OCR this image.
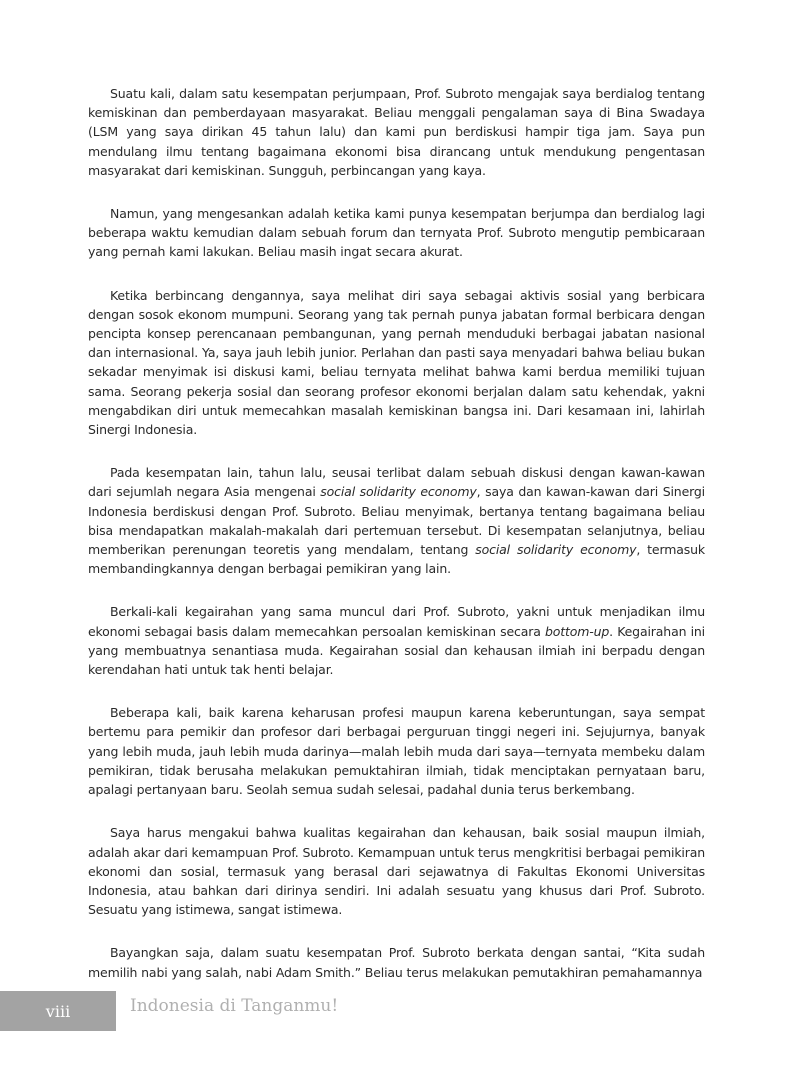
Suatu kali, dalam satu kesempatan perjumpaan, Prof. Subroto mengajak saya berdialog tentang kemiskinan dan pemberdayaan masyarakat. Beliau menggali pengalaman saya di Bina Swadaya (LSM yang saya dirikan 45 tahun lalu) dan kami pun berdiskusi hampir tiga jam. Saya pun mendulang ilmu tentang bagaimana ekonomi bisa dirancang untuk mendukung pengentasan masyarakat dari kemiskinan. Sungguh, perbincangan yang kaya.

Namun, yang mengesankan adalah ketika kami punya kesempatan berjumpa dan berdialog lagi beberapa waktu kemudian dalam sebuah forum dan ternyata Prof. Subroto mengutip pembicaraan yang pernah kami lakukan. Beliau masih ingat secara akurat.

Ketika berbincang dengannya, saya melihat diri saya sebagai aktivis sosial yang berbicara dengan sosok ekonom mumpuni. Seorang yang tak pernah punya jabatan formal berbicara dengan pencipta konsep perencanaan pembangunan, yang pernah menduduki berbagai jabatan nasional dan internasional. Ya, saya jauh lebih junior. Perlahan dan pasti saya menyadari bahwa beliau bukan sekadar menyimak isi diskusi kami, beliau ternyata melihat bahwa kami berdua memiliki tujuan sama. Seorang pekerja sosial dan seorang profesor ekonomi berjalan dalam satu kehendak, yakni mengabdikan diri untuk memecahkan masalah kemiskinan bangsa ini. Dari kesamaan ini, lahirlah Sinergi Indonesia.

Pada kesempatan lain, tahun lalu, seusai terlibat dalam sebuah diskusi dengan kawan-kawan dari sejumlah negara Asia mengenai social solidarity economy, saya dan kawan-kawan dari Sinergi Indonesia berdiskusi dengan Prof. Subroto. Beliau menyimak, bertanya tentang bagaimana beliau bisa mendapatkan makalah-makalah dari pertemuan tersebut. Di kesempatan selanjutnya, beliau memberikan perenungan teoretis yang mendalam, tentang social solidarity economy, termasuk membandingkannya dengan berbagai pemikiran yang lain.

Berkali-kali kegairahan yang sama muncul dari Prof. Subroto, yakni untuk menjadikan ilmu ekonomi sebagai basis dalam memecahkan persoalan kemiskinan secara bottom-up. Kegairahan ini yang membuatnya senantiasa muda. Kegairahan sosial dan kehausan ilmiah ini berpadu dengan kerendahan hati untuk tak henti belajar.

Beberapa kali, baik karena keharusan profesi maupun karena keberuntungan, saya sempat bertemu para pemikir dan profesor dari berbagai perguruan tinggi negeri ini. Sejujurnya, banyak yang lebih muda, jauh lebih muda darinya—malah lebih muda dari saya—ternyata membeku dalam pemikiran, tidak berusaha melakukan pemuktahiran ilmiah, tidak menciptakan pernyataan baru, apalagi pertanyaan baru. Seolah semua sudah selesai, padahal dunia terus berkembang.

Saya harus mengakui bahwa kualitas kegairahan dan kehausan, baik sosial maupun ilmiah, adalah akar dari kemampuan Prof. Subroto. Kemampuan untuk terus mengkritisi berbagai pemikiran ekonomi dan sosial, termasuk yang berasal dari sejawatnya di Fakultas Ekonomi Universitas Indonesia, atau bahkan dari dirinya sendiri. Ini adalah sesuatu yang khusus dari Prof. Subroto. Sesuatu yang istimewa, sangat istimewa.

Bayangkan saja, dalam suatu kesempatan Prof. Subroto berkata dengan santai, “Kita sudah memilih nabi yang salah, nabi Adam Smith.” Beliau terus melakukan pemutakhiran pemahamannya

viii	Indonesia di Tanganmu!
